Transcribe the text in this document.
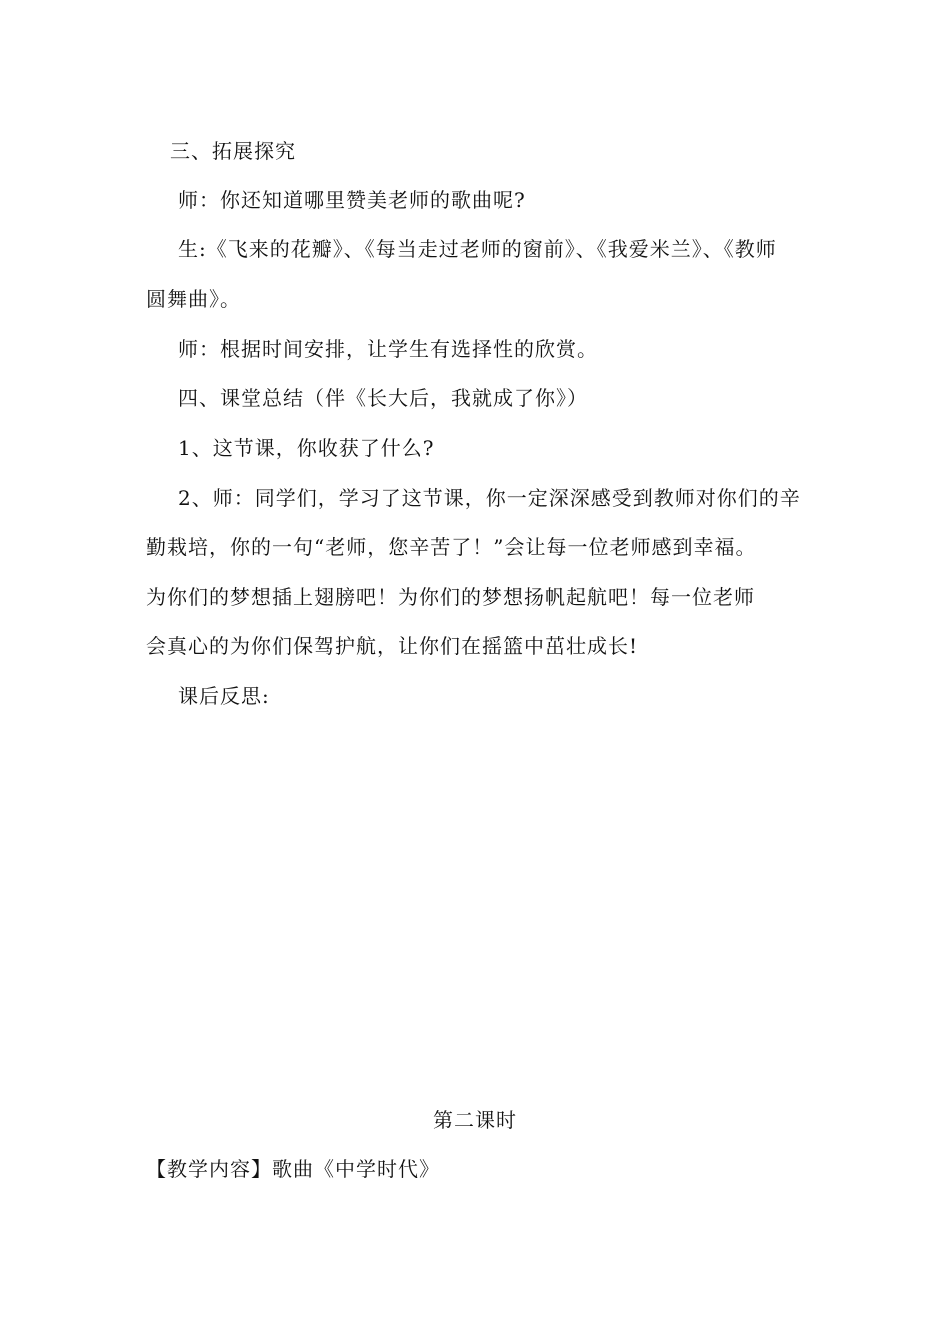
三、拓展探究
师：你还知道哪里赞美老师的歌曲呢?
生:《飞来的花瓣》、《每当走过老师的窗前》、《我爱米兰》、《教师
圆舞曲》。
师：根据时间安排，让学生有选择性的欣赏。
四、课堂总结（伴《长大后，我就成了你》）
1、这节课，你收获了什么?
2、师：同学们，学习了这节课，你一定深深感受到教师对你们的辛
勤栽培，你的一句“老师，您辛苦了！”会让每一位老师感到幸福。
为你们的梦想插上翅膀吧！为你们的梦想扬帆起航吧！每一位老师
会真心的为你们保驾护航，让你们在摇篮中茁壮成长!
课后反思:
第二课时
【教学内容】歌曲《中学时代》
